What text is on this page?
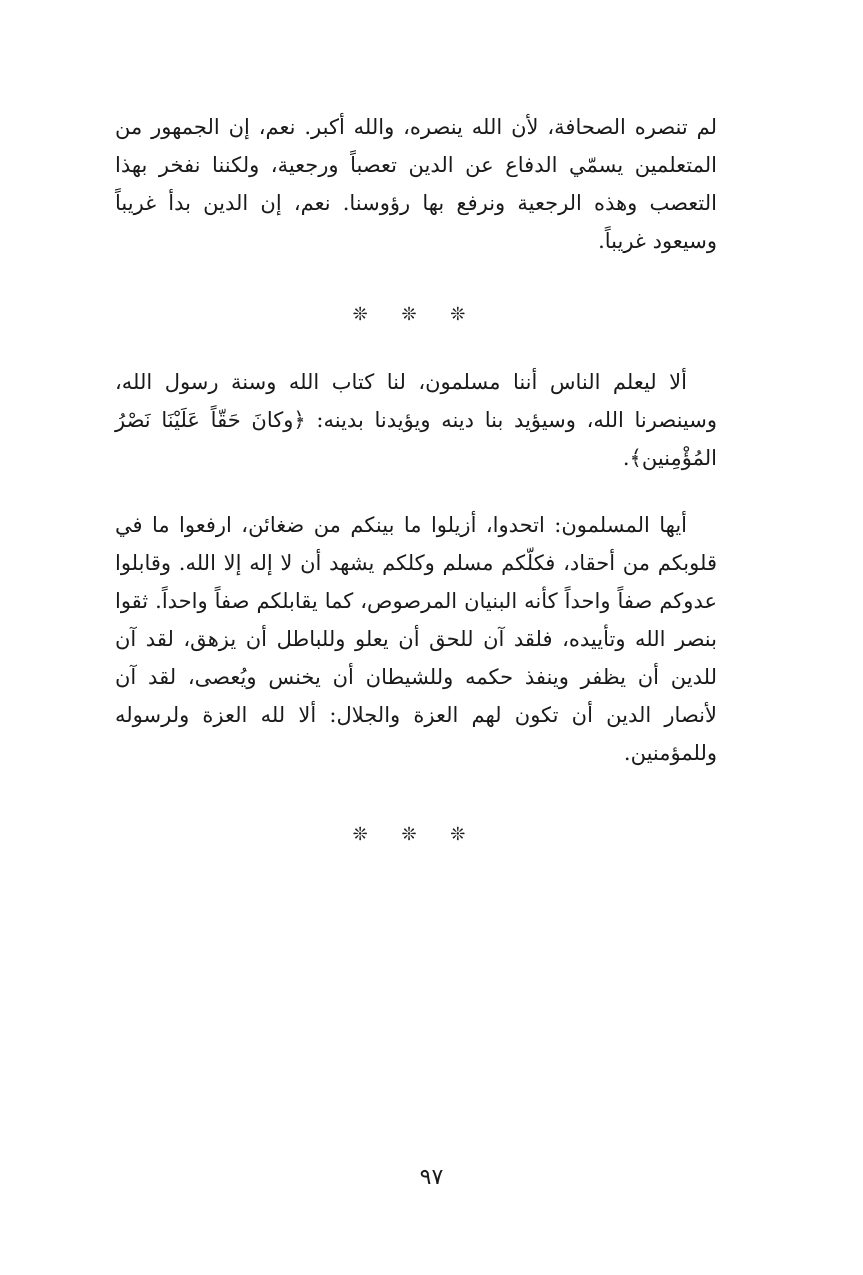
لم تنصره الصحافة، لأن الله ينصره، والله أكبر. نعم، إن الجمهور من المتعلمين يسمّي الدفاع عن الدين تعصباً ورجعية، ولكننا نفخر بهذا التعصب وهذه الرجعية ونرفع بها رؤوسنا. نعم، إن الدين بدأ غريباً وسيعود غريباً.

❊ ❊ ❊

ألا ليعلم الناس أننا مسلمون، لنا كتاب الله وسنة رسول الله، وسينصرنا الله، وسيؤيد بنا دينه ويؤيدنا بدينه: ﴿وكانَ حَقّاً عَلَيْنَا نَصْرُ المُؤْمِنين﴾.

أيها المسلمون: اتحدوا، أزيلوا ما بينكم من ضغائن، ارفعوا ما في قلوبكم من أحقاد، فكلّكم مسلم وكلكم يشهد أن لا إله إلا الله. وقابلوا عدوكم صفاً واحداً كأنه البنيان المرصوص، كما يقابلكم صفاً واحداً. ثقوا بنصر الله وتأييده، فلقد آن للحق أن يعلو وللباطل أن يزهق، لقد آن للدين أن يظفر وينفذ حكمه وللشيطان أن يخنس ويُعصى، لقد آن لأنصار الدين أن تكون لهم العزة والجلال: ألا لله العزة ولرسوله وللمؤمنين.

❊ ❊ ❊
٩٧
